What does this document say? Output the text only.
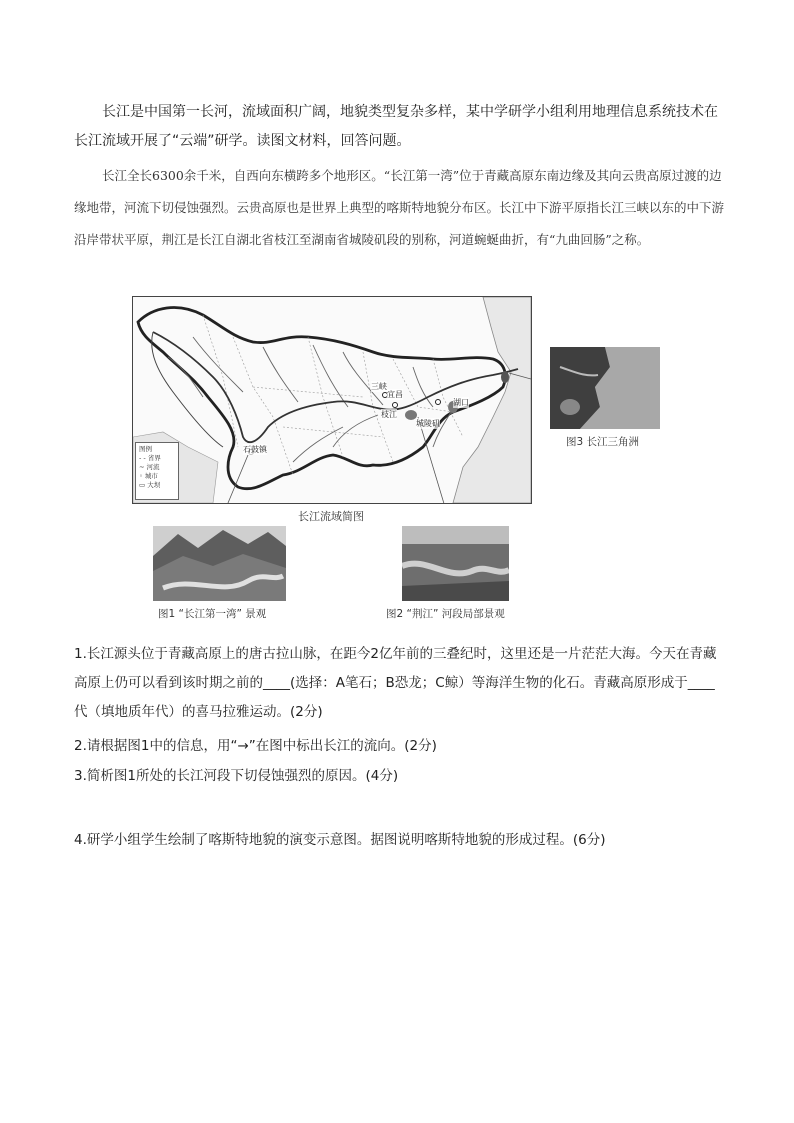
长江是中国第一长河，流域面积广阔，地貌类型复杂多样，某中学研学小组利用地理信息系统技术在长江流域开展了“云端”研学。读图文材料，回答问题。

长江全长6300余千米，自西向东横跨多个地形区。“长江第一湾”位于青藏高原东南边缘及其向云贵高原过渡的边缘地带，河流下切侵蚀强烈。云贵高原也是世界上典型的喀斯特地貌分布区。长江中下游平原指长江三峡以东的中下游沿岸带状平原，荆江是长江自湖北省枝江至湖南省城陵矶段的别称，河道蜿蜒曲折，有“九曲回肠”之称。

图例
- - 省界
∼ 河流
◦ 城市
▭ 大坝
三峡
宜昌
枝江
城陵矶
湖口
石鼓镇
长江流域简图
图3 长江三角洲
图1 “长江第一湾” 景观	图2 “荆江” 河段局部景观

1.长江源头位于青藏高原上的唐古拉山脉，在距今2亿年前的三叠纪时，这里还是一片茫茫大海。今天在青藏高原上仍可以看到该时期之前的____(选择：A笔石；B恐龙；C鲸）等海洋生物的化石。青藏高原形成于____代（填地质年代）的喜马拉雅运动。(2分)

2.请根据图1中的信息，用“→”在图中标出长江的流向。(2分)

3.简析图1所处的长江河段下切侵蚀强烈的原因。(4分)

4.研学小组学生绘制了喀斯特地貌的演变示意图。据图说明喀斯特地貌的形成过程。(6分)
